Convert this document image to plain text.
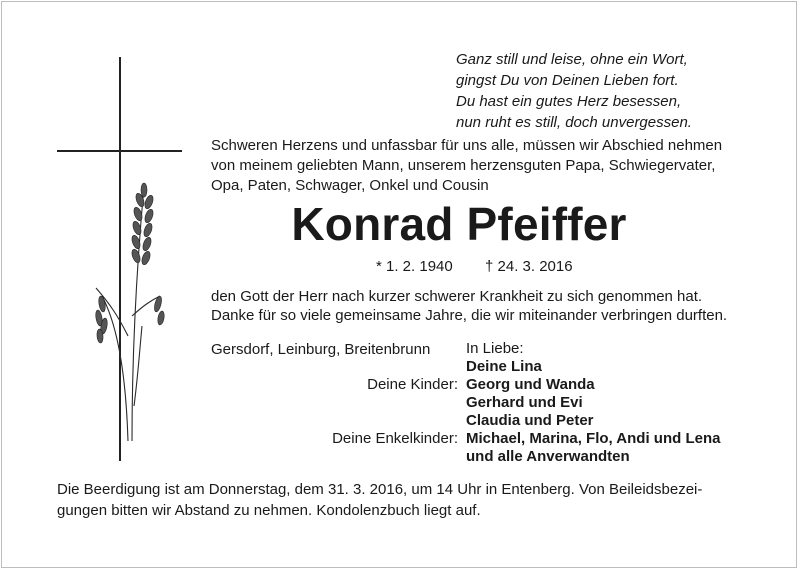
Ganz still und leise, ohne ein Wort,
gingst Du von Deinen Lieben fort.
Du hast ein gutes Herz besessen,
nun ruht es still, doch unvergessen.
Schweren Herzens und unfassbar für uns alle, müssen wir Abschied nehmen
von meinem geliebten Mann, unserem herzensguten Papa, Schwiegervater,
Opa, Paten, Schwager, Onkel und Cousin
Konrad Pfeiffer
* 1. 2. 1940 † 24. 3. 2016
den Gott der Herr nach kurzer schwerer Krankheit zu sich genommen hat.
Danke für so viele gemeinsame Jahre, die wir miteinander verbringen durften.
Gersdorf, Leinburg, Breitenbrunn In Liebe:
Deine Lina
Deine Kinder: Georg und Wanda
Gerhard und Evi
Claudia und Peter
Deine Enkelkinder: Michael, Marina, Flo, Andi und Lena
und alle Anverwandten
Die Beerdigung ist am Donnerstag, dem 31. 3. 2016, um 14 Uhr in Entenberg. Von Beileidsbezei-
gungen bitten wir Abstand zu nehmen. Kondolenzbuch liegt auf.
